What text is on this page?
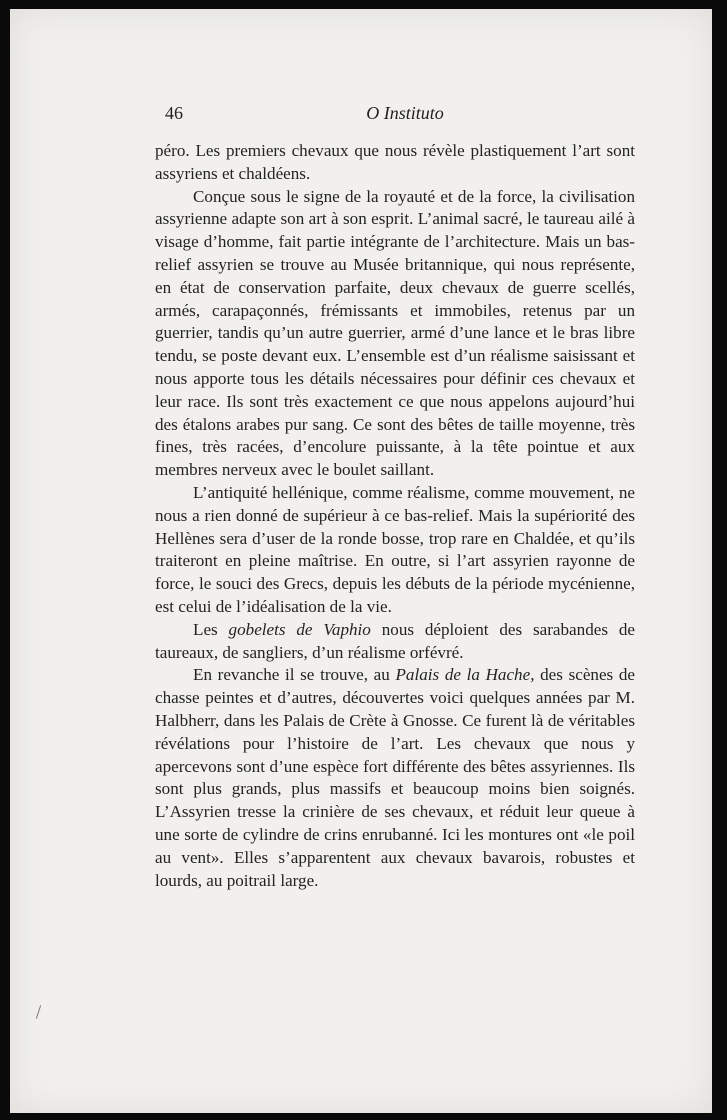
46	O Instituto

péro. Les premiers chevaux que nous révèle plastiquement l’art sont assyriens et chaldéens.

Conçue sous le signe de la royauté et de la force, la civilisation assyrienne adapte son art à son esprit. L’animal sacré, le taureau ailé à visage d’homme, fait partie intégrante de l’architecture. Mais un bas-relief assyrien se trouve au Musée britannique, qui nous représente, en état de conservation parfaite, deux chevaux de guerre scellés, armés, carapaçonnés, frémissants et immobiles, retenus par un guerrier, tandis qu’un autre guerrier, armé d’une lance et le bras libre tendu, se poste devant eux. L’ensemble est d’un réalisme saisissant et nous apporte tous les détails nécessaires pour définir ces chevaux et leur race. Ils sont très exactement ce que nous appelons aujourd’hui des étalons arabes pur sang. Ce sont des bêtes de taille moyenne, très fines, très racées, d’encolure puissante, à la tête pointue et aux membres nerveux avec le boulet saillant.

L’antiquité hellénique, comme réalisme, comme mouvement, ne nous a rien donné de supérieur à ce bas-relief. Mais la supériorité des Hellènes sera d’user de la ronde bosse, trop rare en Chaldée, et qu’ils traiteront en pleine maîtrise. En outre, si l’art assyrien rayonne de force, le souci des Grecs, depuis les débuts de la période mycénienne, est celui de l’idéalisation de la vie.

Les gobelets de Vaphio nous déploient des sarabandes de taureaux, de sangliers, d’un réalisme orfévré.

En revanche il se trouve, au Palais de la Hache, des scènes de chasse peintes et d’autres, découvertes voici quelques années par M. Halbherr, dans les Palais de Crète à Gnosse. Ce furent là de véritables révélations pour l’histoire de l’art. Les chevaux que nous y apercevons sont d’une espèce fort différente des bêtes assyriennes. Ils sont plus grands, plus massifs et beaucoup moins bien soignés. L’Assyrien tresse la crinière de ses chevaux, et réduit leur queue à une sorte de cylindre de crins enrubanné. Ici les montures ont «le poil au vent». Elles s’apparentent aux chevaux bavarois, robustes et lourds, au poitrail large.
